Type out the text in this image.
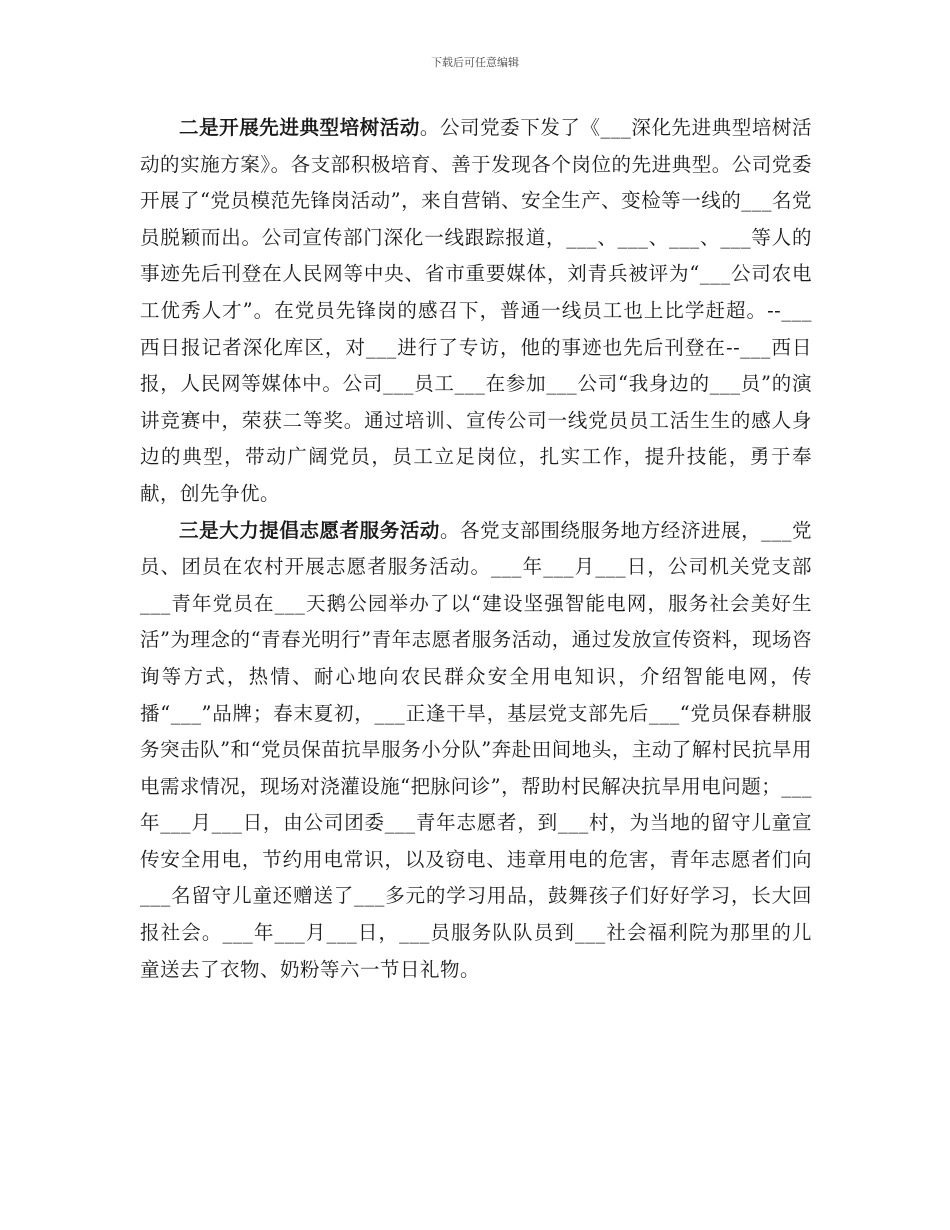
下载后可任意编辑

二是开展先进典型培树活动。公司党委下发了《___深化先进典型培树活动的实施方案》。各支部积极培育、善于发现各个岗位的先进典型。公司党委开展了“党员模范先锋岗活动”，来自营销、安全生产、变检等一线的___名党员脱颖而出。公司宣传部门深化一线跟踪报道，___、___、___、___等人的事迹先后刊登在人民网等中央、省市重要媒体，刘青兵被评为“___公司农电工优秀人才”。在党员先锋岗的感召下，普通一线员工也上比学赶超。--___西日报记者深化库区，对___进行了专访，他的事迹也先后刊登在--___西日报，人民网等媒体中。公司___员工___在参加___公司“我身边的___员”的演讲竞赛中，荣获二等奖。通过培训、宣传公司一线党员员工活生生的感人身边的典型，带动广阔党员，员工立足岗位，扎实工作，提升技能，勇于奉献，创先争优。

三是大力提倡志愿者服务活动。各党支部围绕服务地方经济进展，___党员、团员在农村开展志愿者服务活动。___年___月___日，公司机关党支部___青年党员在___天鹅公园举办了以“建设坚强智能电网，服务社会美好生活”为理念的“青春光明行”青年志愿者服务活动，通过发放宣传资料，现场咨询等方式，热情、耐心地向农民群众安全用电知识，介绍智能电网，传播“___”品牌；春末夏初，___正逢干旱，基层党支部先后___“党员保春耕服务突击队”和“党员保苗抗旱服务小分队”奔赴田间地头，主动了解村民抗旱用电需求情况，现场对浇灌设施“把脉问诊”，帮助村民解决抗旱用电问题；___年___月___日，由公司团委___青年志愿者，到___村，为当地的留守儿童宣传安全用电，节约用电常识，以及窃电、违章用电的危害，青年志愿者们向___名留守儿童还赠送了___多元的学习用品，鼓舞孩子们好好学习，长大回报社会。___年___月___日，___员服务队队员到___社会福利院为那里的儿童送去了衣物、奶粉等六一节日礼物。
